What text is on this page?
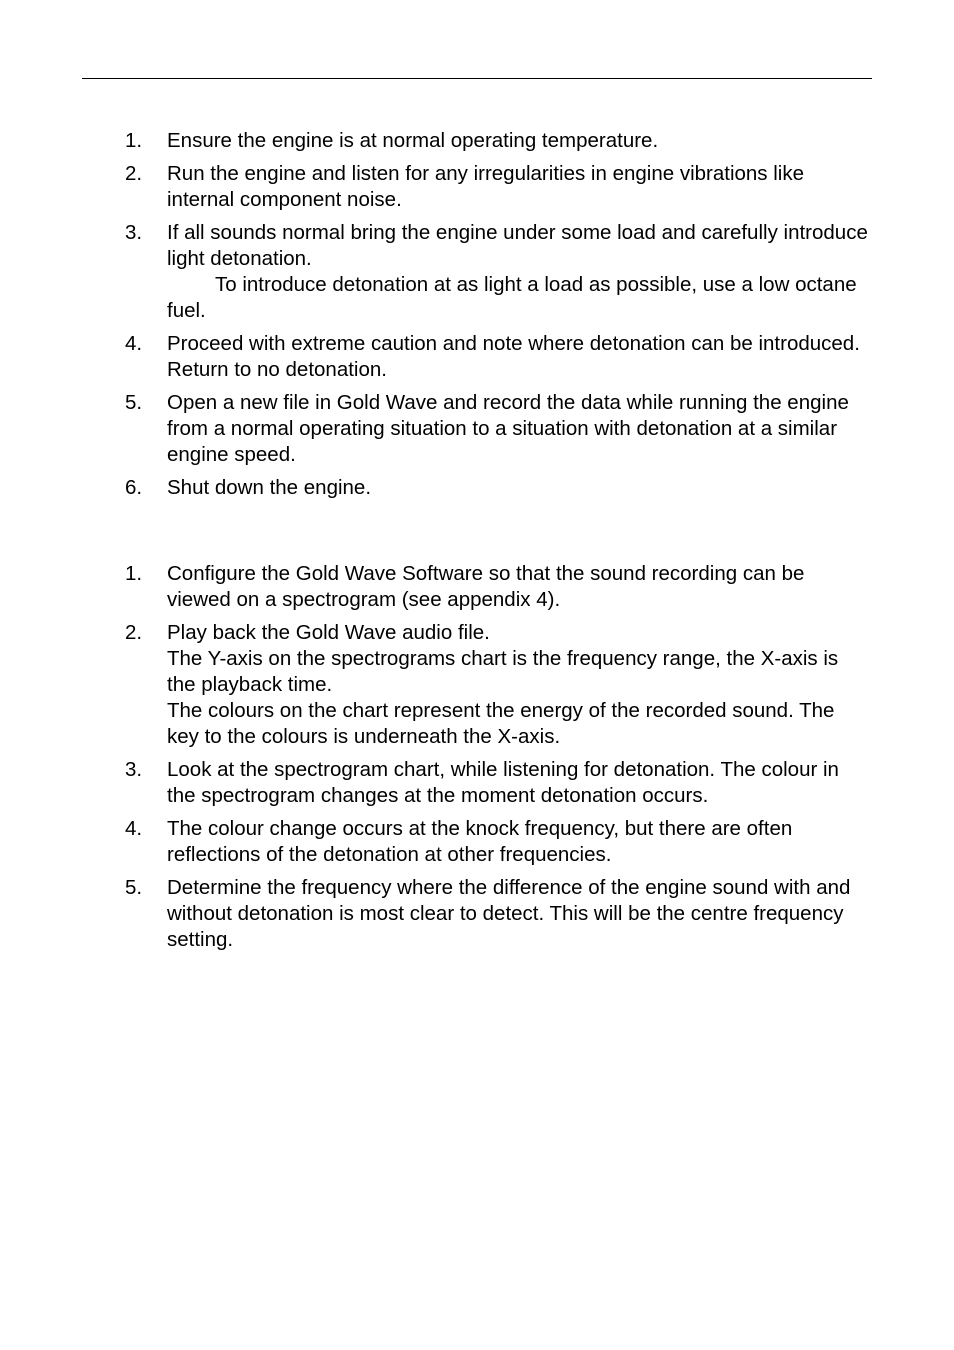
1. Ensure the engine is at normal operating temperature.
2. Run the engine and listen for any irregularities in engine vibrations like internal component noise.
3. If all sounds normal bring the engine under some load and carefully introduce light detonation.
To introduce detonation at as light a load as possible, use a low octane fuel.
4. Proceed with extreme caution and note where detonation can be introduced. Return to no detonation.
5. Open a new file in Gold Wave and record the data while running the engine from a normal operating situation to a situation with detonation at a similar engine speed.
6. Shut down the engine.
1. Configure the Gold Wave Software so that the sound recording can be viewed on a spectrogram (see appendix 4).
2. Play back the Gold Wave audio file.
The Y-axis on the spectrograms chart is the frequency range, the X-axis is the playback time.
The colours on the chart represent the energy of the recorded sound. The key to the colours is underneath the X-axis.
3. Look at the spectrogram chart, while listening for detonation. The colour in the spectrogram changes at the moment detonation occurs.
4. The colour change occurs at the knock frequency, but there are often reflections of the detonation at other frequencies.
5. Determine the frequency where the difference of the engine sound with and without detonation is most clear to detect. This will be the centre frequency setting.
